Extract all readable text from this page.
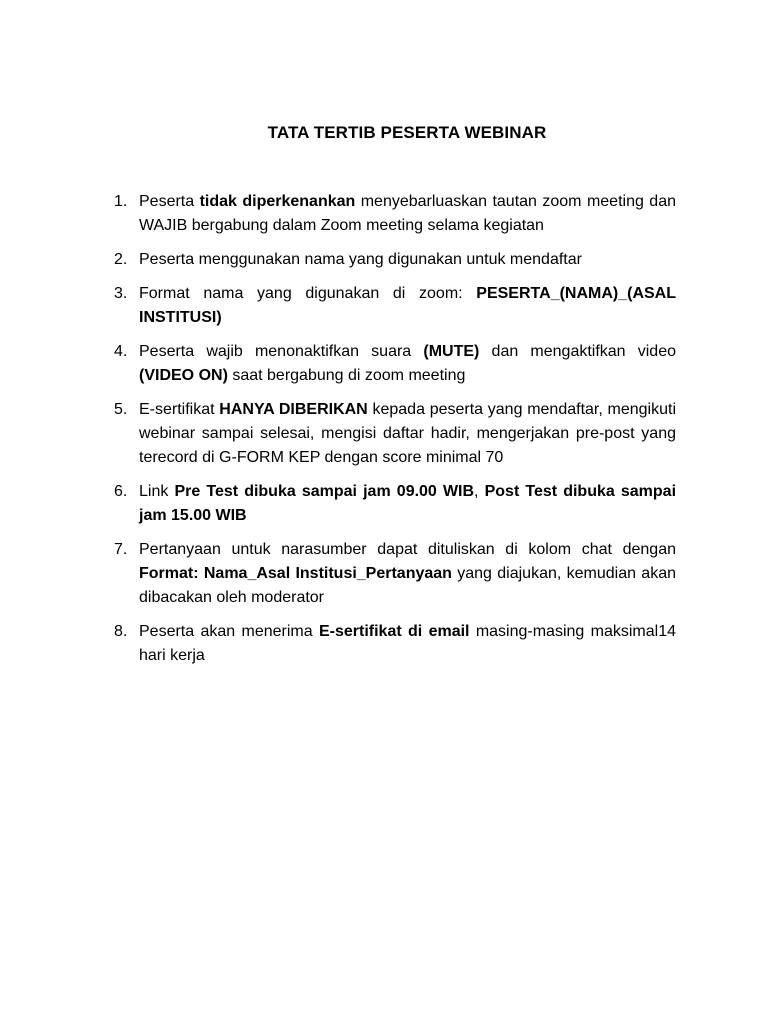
TATA TERTIB PESERTA WEBINAR
1. Peserta tidak diperkenankan menyebarluaskan tautan zoom meeting dan WAJIB bergabung dalam Zoom meeting selama kegiatan
2. Peserta menggunakan nama yang digunakan untuk mendaftar
3. Format nama yang digunakan di zoom: PESERTA_(NAMA)_(ASAL INSTITUSI)
4. Peserta wajib menonaktifkan suara (MUTE) dan mengaktifkan video (VIDEO ON) saat bergabung di zoom meeting
5. E-sertifikat HANYA DIBERIKAN kepada peserta yang mendaftar, mengikuti webinar sampai selesai, mengisi daftar hadir, mengerjakan pre-post yang terecord di G-FORM KEP dengan score minimal 70
6. Link Pre Test dibuka sampai jam 09.00 WIB, Post Test dibuka sampai jam 15.00 WIB
7. Pertanyaan untuk narasumber dapat dituliskan di kolom chat dengan Format: Nama_Asal Institusi_Pertanyaan yang diajukan, kemudian akan dibacakan oleh moderator
8. Peserta akan menerima E-sertifikat di email masing-masing maksimal14 hari kerja
